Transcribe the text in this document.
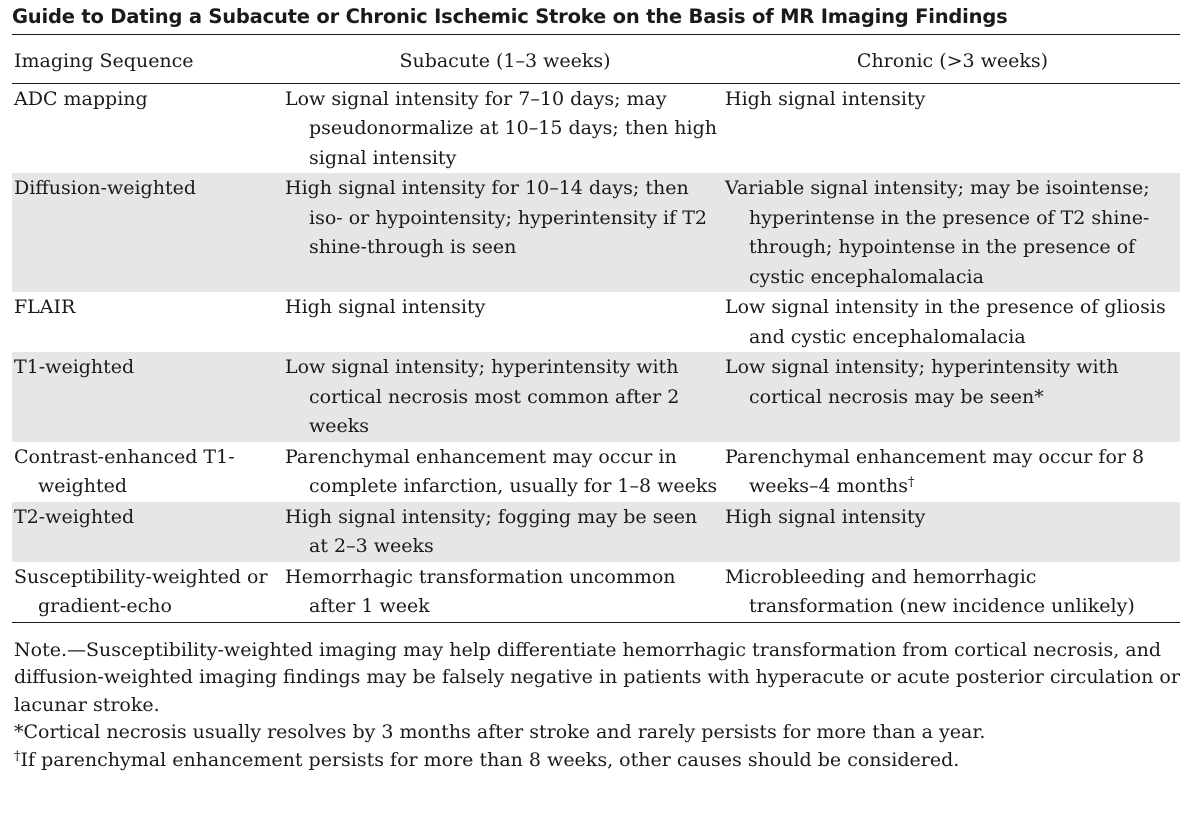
Guide to Dating a Subacute or Chronic Ischemic Stroke on the Basis of MR Imaging Findings
Imaging Sequence	Subacute (1–3 weeks)	Chronic (>3 weeks)

ADC mapping	Low signal intensity for 7–10 days; may pseudonormalize at 10–15 days; then high signal intensity	High signal intensity

Diffusion-weighted	High signal intensity for 10–14 days; then iso- or hypointensity; hyperintensity if T2 shine-through is seen	Variable signal intensity; may be isointense; hyperintense in the presence of T2 shine-through; hypointense in the presence of cystic encephalomalacia

FLAIR	High signal intensity	Low signal intensity in the presence of gliosis and cystic encephalomalacia

T1-weighted	Low signal intensity; hyperintensity with cortical necrosis most common after 2 weeks	Low signal intensity; hyperintensity with cortical necrosis may be seen*

Contrast-enhanced T1-weighted	Parenchymal enhancement may occur in complete infarction, usually for 1–8 weeks	Parenchymal enhancement may occur for 8 weeks–4 months†

T2-weighted	High signal intensity; fogging may be seen at 2–3 weeks	High signal intensity

Susceptibility-weighted or gradient-echo	Hemorrhagic transformation uncommon after 1 week	Microbleeding and hemorrhagic transformation (new incidence unlikely)

Note.—Susceptibility-weighted imaging may help differentiate hemorrhagic transformation from cortical necrosis, and diffusion-weighted imaging findings may be falsely negative in patients with hyperacute or acute posterior circulation or lacunar stroke.

*Cortical necrosis usually resolves by 3 months after stroke and rarely persists for more than a year.

†If parenchymal enhancement persists for more than 8 weeks, other causes should be considered.
